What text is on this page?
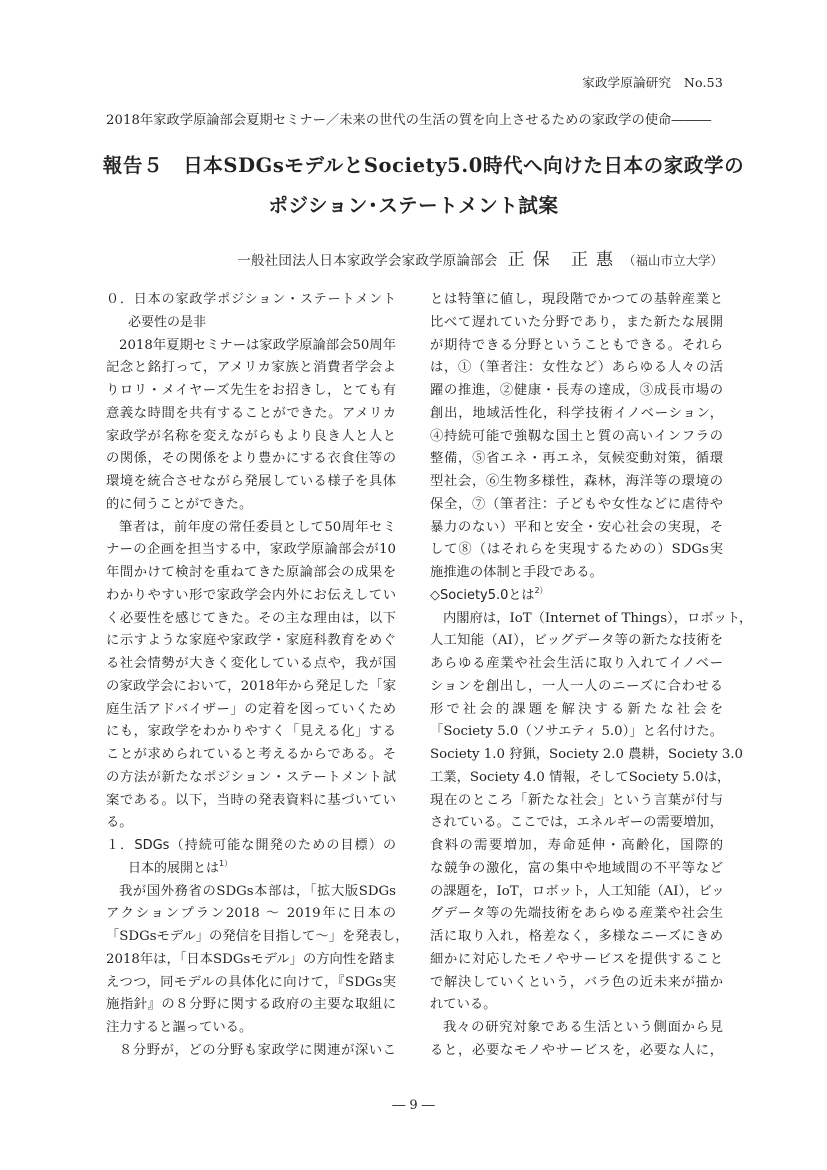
家政学原論研究　No.53
2018年家政学原論部会夏期セミナー／未来の世代の生活の質を向上させるための家政学の使命―――
報告５　日本SDGsモデルとSociety5.0時代へ向けた日本の家政学の
ポジション･ステートメント試案
一般社団法人日本家政学会家政学原論部会 正保 正惠 （福山市立大学）
０．日本の家政学ポジション・ステートメント
必要性の是非
2018年夏期セミナーは家政学原論部会50周年
記念と銘打って，アメリカ家族と消費者学会よ
りロリ・メイヤーズ先生をお招きし，とても有
意義な時間を共有することができた。アメリカ
家政学が名称を変えながらもより良き人と人と
の関係，その関係をより豊かにする衣食住等の
環境を統合させながら発展している様子を具体
的に伺うことができた。
筆者は，前年度の常任委員として50周年セミ
ナーの企画を担当する中，家政学原論部会が10
年間かけて検討を重ねてきた原論部会の成果を
わかりやすい形で家政学会内外にお伝えしてい
く必要性を感じてきた。その主な理由は，以下
に示すような家庭や家政学・家庭科教育をめぐ
る社会情勢が大きく変化している点や，我が国
の家政学会において，2018年から発足した「家
庭生活アドバイザー」の定着を図っていくため
にも，家政学をわかりやすく「見える化」する
ことが求められていると考えるからである。そ
の方法が新たなポジション・ステートメント試
案である。以下，当時の発表資料に基づいてい
る。
１．SDGs（持続可能な開発のための目標）の
日本的展開とは$^{1)}$
我が国外務省のSDGs本部は，「拡大版SDGs
アクションプラン2018 ～ 2019年に日本の
「SDGsモデル」の発信を目指して～」を発表し，
2018年は，「日本SDGsモデル」の方向性を踏ま
えつつ，同モデルの具体化に向けて，『SDGs実
施指針』の８分野に関する政府の主要な取組に
注力すると謳っている。
８分野が，どの分野も家政学に関連が深いこ
とは特筆に値し，現段階でかつての基幹産業と
比べて遅れていた分野であり，また新たな展開
が期待できる分野ということもできる。それら
は，①（筆者注：女性など）あらゆる人々の活
躍の推進，②健康・長寿の達成，③成長市場の
創出，地域活性化，科学技術イノベーション，
④持続可能で強靱な国土と質の高いインフラの
整備，⑤省エネ・再エネ，気候変動対策，循環
型社会，⑥生物多様性，森林，海洋等の環境の
保全，⑦（筆者注：子どもや女性などに虐待や
暴力のない）平和と安全・安心社会の実現，そ
して⑧（はそれらを実現するための）SDGs実
施推進の体制と手段である。
◇Society5.0とは$^{2)}$
内閣府は，IoT（Internet of Things），ロボット，
人工知能（AI），ビッグデータ等の新たな技術を
あらゆる産業や社会生活に取り入れてイノベー
ションを創出し，一人一人のニーズに合わせる
形で社会的課題を解決する新たな社会を
「Society 5.0（ソサエティ 5.0）」と名付けた。
Society 1.0 狩猟，Society 2.0 農耕，Society 3.0
工業，Society 4.0 情報，そしてSociety 5.0は，
現在のところ「新たな社会」という言葉が付与
されている。ここでは，エネルギーの需要増加，
食料の需要増加，寿命延伸・高齢化，国際的
な競争の激化，富の集中や地域間の不平等など
の課題を，IoT，ロボット，人工知能（AI），ビッ
グデータ等の先端技術をあらゆる産業や社会生
活に取り入れ，格差なく，多様なニーズにきめ
細かに対応したモノやサービスを提供すること
で解決していくという，バラ色の近未来が描か
れている。
我々の研究対象である生活という側面から見
ると，必要なモノやサービスを，必要な人に，
― 9 ―
